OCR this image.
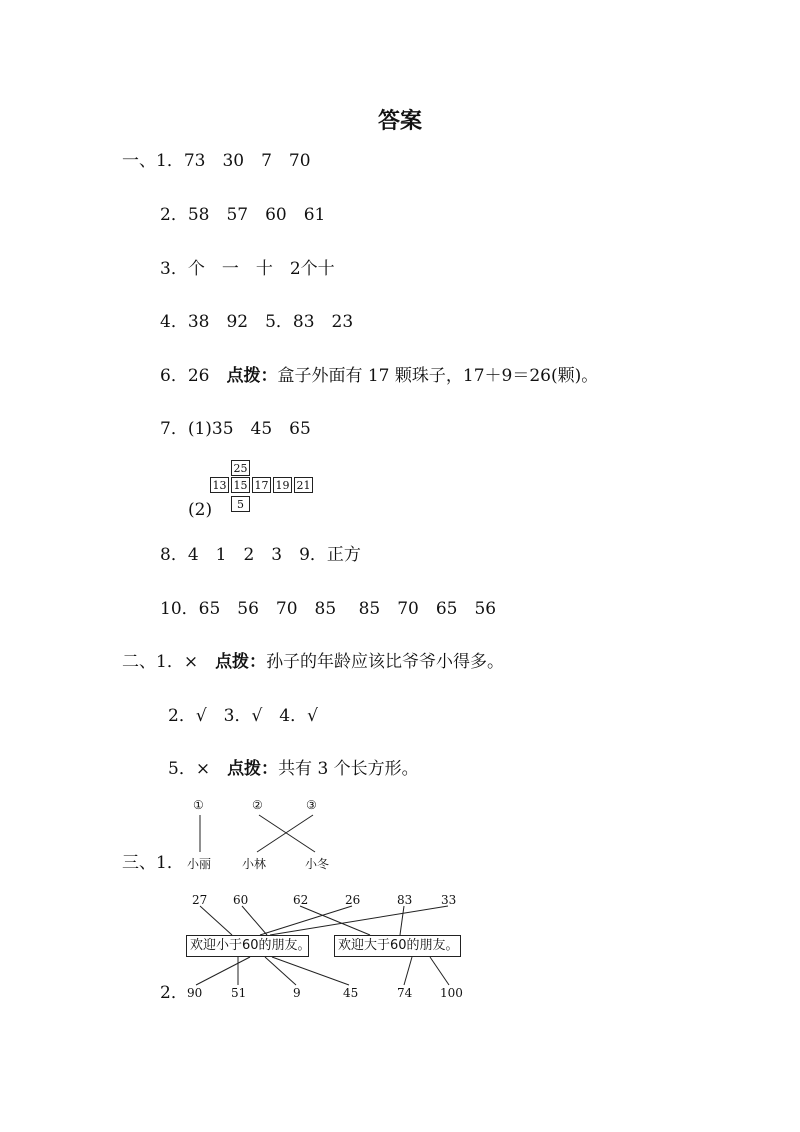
答案
一、1．73　30　7　70
2．58　57　60　61
3．个　一　十　2个十
4．38　92　5．83　23
6．26　点拨：盒子外面有 17 颗珠子，17＋9＝26(颗)。
7．(1)35　45　65
25
13 15 17 19 21
5
(2)
8．4　1　2　3　9．正方
10．65　56　70　85　 85　70　65　56
二、1．×　点拨：孙子的年龄应该比爷爷小得多。
2．√　3．√　4．√
5．×　点拨：共有 3 个长方形。
①	②	③
三、1． 小丽	小林	小冬
27 60	62	26	83 33
欢迎小于60的朋友。	欢迎大于60的朋友。
2． 90 51	9	45	74 100
